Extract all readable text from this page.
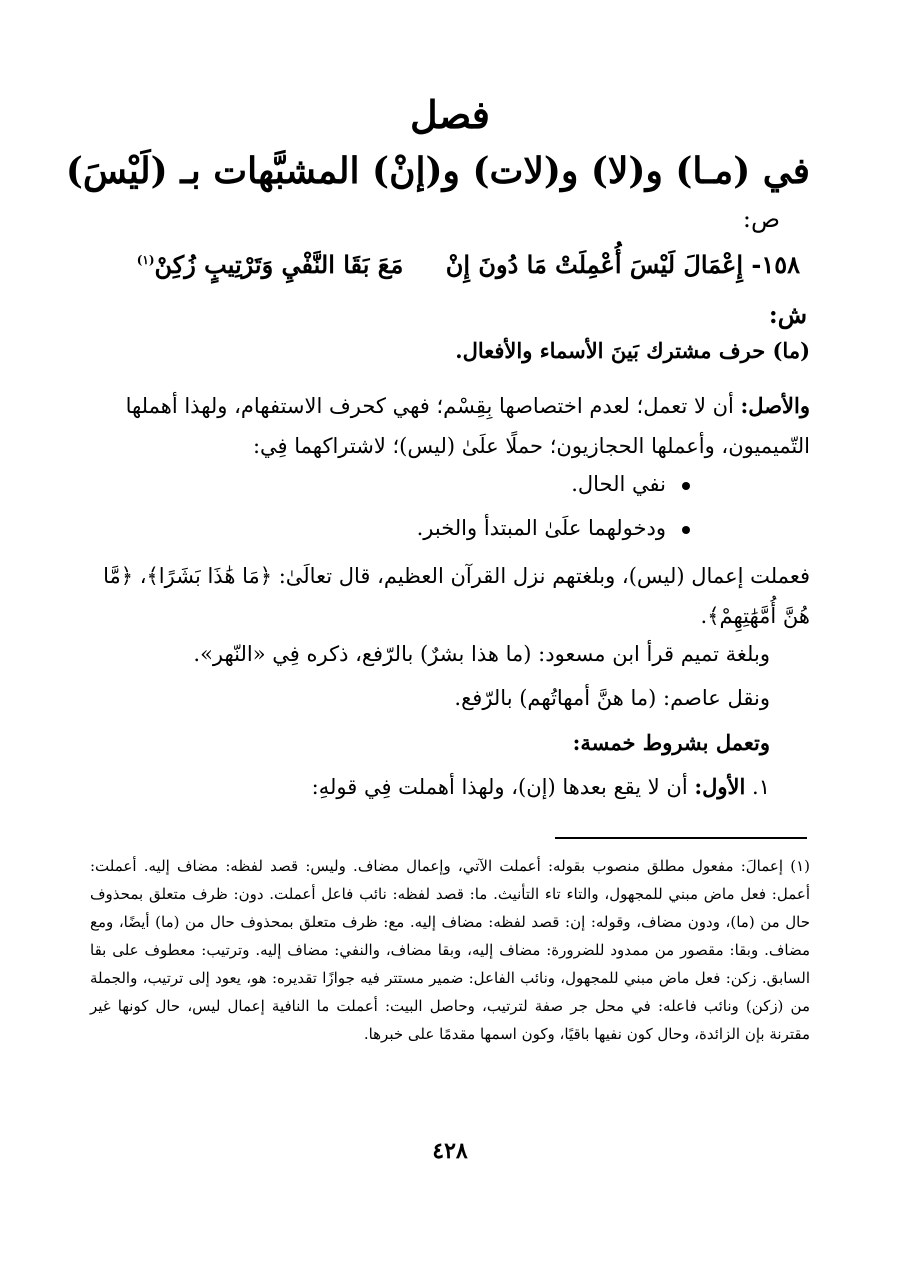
فصل
في (مـا) و(لا) و(لات) و(إنْ) المشبَّهات بـ (لَيْسَ)
ص:
١٥٨- إِعْمَالَ لَيْسَ أُعْمِلَتْ مَا دُونَ إِنْ مَعَ بَقَا النَّفْيِ وَتَرْتِيبٍ زُكِنْ$^{(١)}$
ش:
(ما) حرف مشترك بَينَ الأسماء والأفعال.
والأصل: أن لا تعمل؛ لعدم اختصاصها بِقِسْم؛ فهي كحرف الاستفهام، ولهذا أهملها التّميميون، وأعملها الحجازيون؛ حملًا علَىٰ (ليس)؛ لاشتراكهما فِي:
نفي الحال.
ودخولهما علَىٰ المبتدأ والخبر.
فعملت إعمال (ليس)، وبلغتهم نزل القرآن العظيم، قال تعالَىٰ: ﴿مَا هَٰذَا بَشَرًا﴾، ﴿مَّا هُنَّ أُمَّهَٰتِهِمْ﴾.
وبلغة تميم قرأ ابن مسعود: (ما هذا بشرٌ) بالرّفع، ذكره فِي «النّهر».
ونقل عاصم: (ما هنَّ أمهاتُهم) بالرّفع.
وتعمل بشروط خمسة:
١. الأول: أن لا يقع بعدها (إن)، ولهذا أهملت فِي قولهِ:
(١) إعمالَ: مفعول مطلق منصوب بقوله: أعملت الآتي، وإعمال مضاف. وليس: قصد لفظه: مضاف إليه. أعملت: أعمل: فعل ماض مبني للمجهول، والتاء تاء التأنيث. ما: قصد لفظه: نائب فاعل أعملت. دون: ظرف متعلق بمحذوف حال من (ما)، ودون مضاف، وقوله: إن: قصد لفظه: مضاف إليه. مع: ظرف متعلق بمحذوف حال من (ما) أيضًا، ومع مضاف. وبقا: مقصور من ممدود للضرورة: مضاف إليه، وبقا مضاف، والنفي: مضاف إليه. وترتيب: معطوف على بقا السابق. زكن: فعل ماض مبني للمجهول، ونائب الفاعل: ضمير مستتر فيه جوازًا تقديره: هو، يعود إلى ترتيب، والجملة من (زكن) ونائب فاعله: في محل جر صفة لترتيب، وحاصل البيت: أعملت ما النافية إعمال ليس، حال كونها غير مقترنة بإن الزائدة، وحال كون نفيها باقيًا، وكون اسمها مقدمًا على خبرها.
٤٢٨
